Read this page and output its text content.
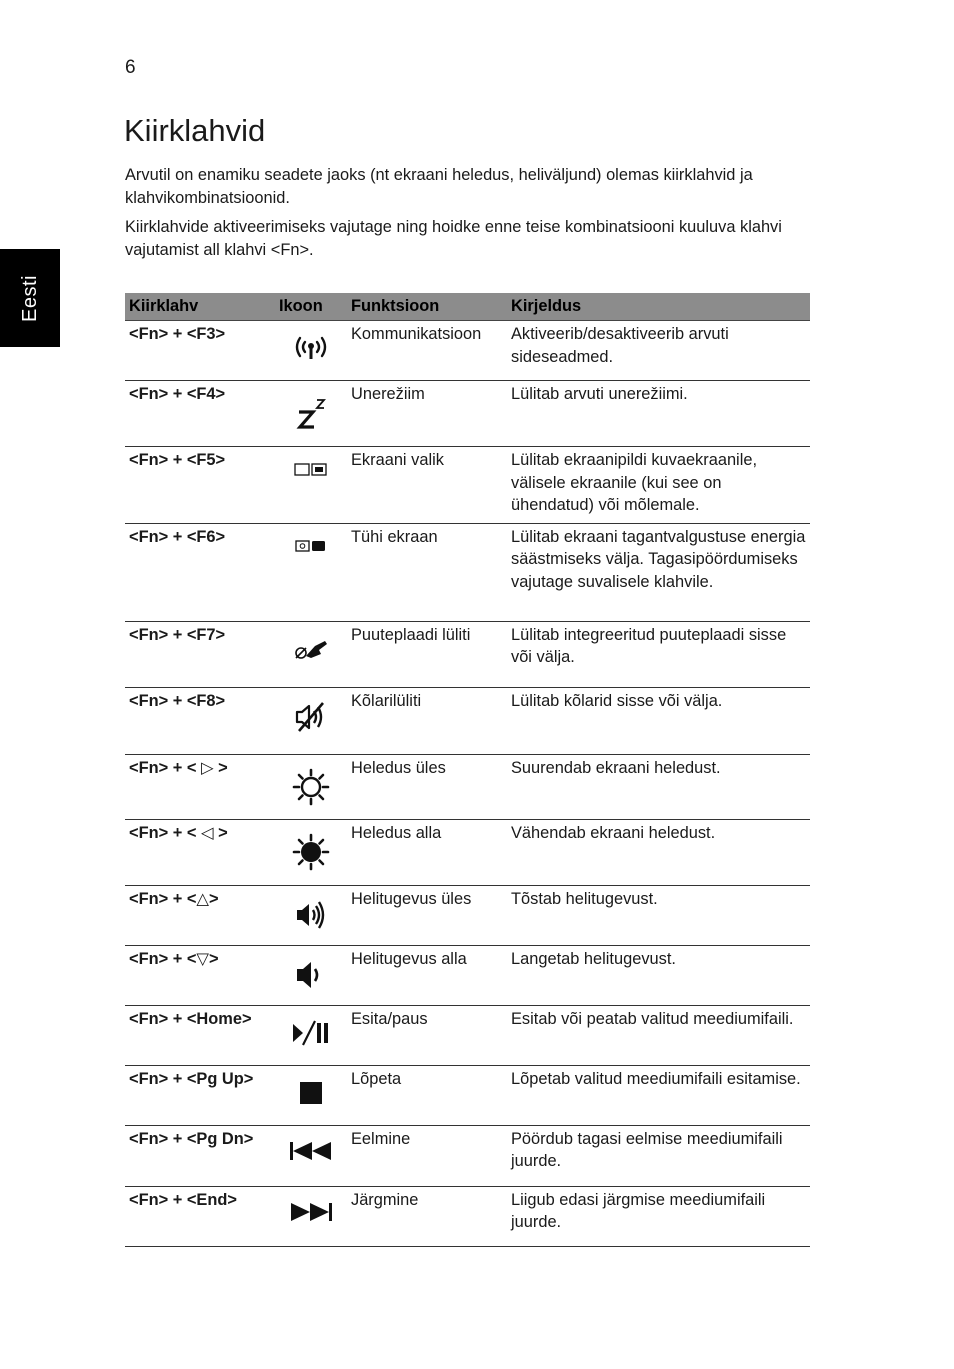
6
Eesti
Kiirklahvid

Arvutil on enamiku seadete jaoks (nt ekraani heledus, heliväljund) olemas kiirklahvid ja klahvikombinatsioonid.

Kiirklahvide aktiveerimiseks vajutage ning hoidke enne teise kombinatsiooni kuuluva klahvi vajutamist all klahvi <Fn>.

Kiirklahv	Ikoon	Funktsioon	Kirjeldus
<Fn> + <F3>		Kommunikatsioon	Aktiveerib/desaktiveerib arvuti sideseadmed.
<Fn> + <F4>		Unerežiim	Lülitab arvuti unerežiimi.
<Fn> + <F5>		Ekraani valik	Lülitab ekraanipildi kuvaekraanile, välisele ekraanile (kui see on ühendatud) või mõlemale.
<Fn> + <F6>		Tühi ekraan	Lülitab ekraani tagantvalgustuse energia säästmiseks välja. Tagasipöördumiseks vajutage suvalisele klahvile.
<Fn> + <F7>		Puuteplaadi lüliti	Lülitab integreeritud puuteplaadi sisse või välja.
<Fn> + <F8>		Kõlarilüliti	Lülitab kõlarid sisse või välja.
<Fn> + < ▷ >		Heledus üles	Suurendab ekraani heledust.
<Fn> + < ◁ >		Heledus alla	Vähendab ekraani heledust.
<Fn> + <△>		Helitugevus üles	Tõstab helitugevust.
<Fn> + <▽>		Helitugevus alla	Langetab helitugevust.
<Fn> + <Home>		Esita/paus	Esitab või peatab valitud meediumifaili.
<Fn> + <Pg Up>		Lõpeta	Lõpetab valitud meediumifaili esitamise.
<Fn> + <Pg Dn>		Eelmine	Pöördub tagasi eelmise meediumifaili juurde.
<Fn> + <End>		Järgmine	Liigub edasi järgmise meediumifaili juurde.
